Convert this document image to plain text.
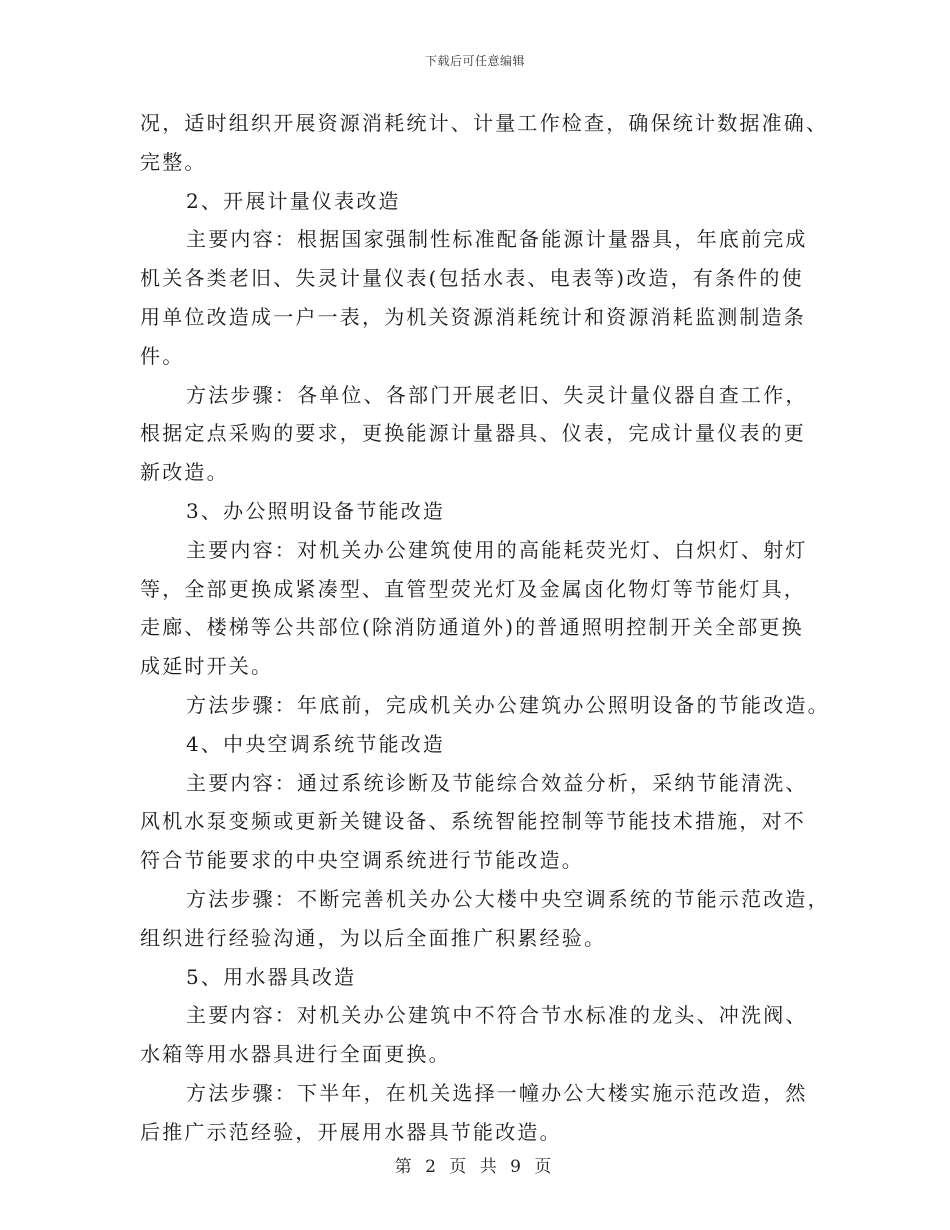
下载后可任意编辑
况，适时组织开展资源消耗统计、计量工作检查，确保统计数据准确、
完整。
2、开展计量仪表改造
主要内容：根据国家强制性标准配备能源计量器具，年底前完成
机关各类老旧、失灵计量仪表(包括水表、电表等)改造，有条件的使
用单位改造成一户一表，为机关资源消耗统计和资源消耗监测制造条
件。
方法步骤：各单位、各部门开展老旧、失灵计量仪器自查工作，
根据定点采购的要求，更换能源计量器具、仪表，完成计量仪表的更
新改造。
3、办公照明设备节能改造
主要内容：对机关办公建筑使用的高能耗荧光灯、白炽灯、射灯
等，全部更换成紧凑型、直管型荧光灯及金属卤化物灯等节能灯具，
走廊、楼梯等公共部位(除消防通道外)的普通照明控制开关全部更换
成延时开关。
方法步骤：年底前，完成机关办公建筑办公照明设备的节能改造。
4、中央空调系统节能改造
主要内容：通过系统诊断及节能综合效益分析，采纳节能清洗、
风机水泵变频或更新关键设备、系统智能控制等节能技术措施，对不
符合节能要求的中央空调系统进行节能改造。
方法步骤：不断完善机关办公大楼中央空调系统的节能示范改造，
组织进行经验沟通，为以后全面推广积累经验。
5、用水器具改造
主要内容：对机关办公建筑中不符合节水标准的龙头、冲洗阀、
水箱等用水器具进行全面更换。
方法步骤：下半年，在机关选择一幢办公大楼实施示范改造，然
后推广示范经验，开展用水器具节能改造。
第 2 页 共 9 页
